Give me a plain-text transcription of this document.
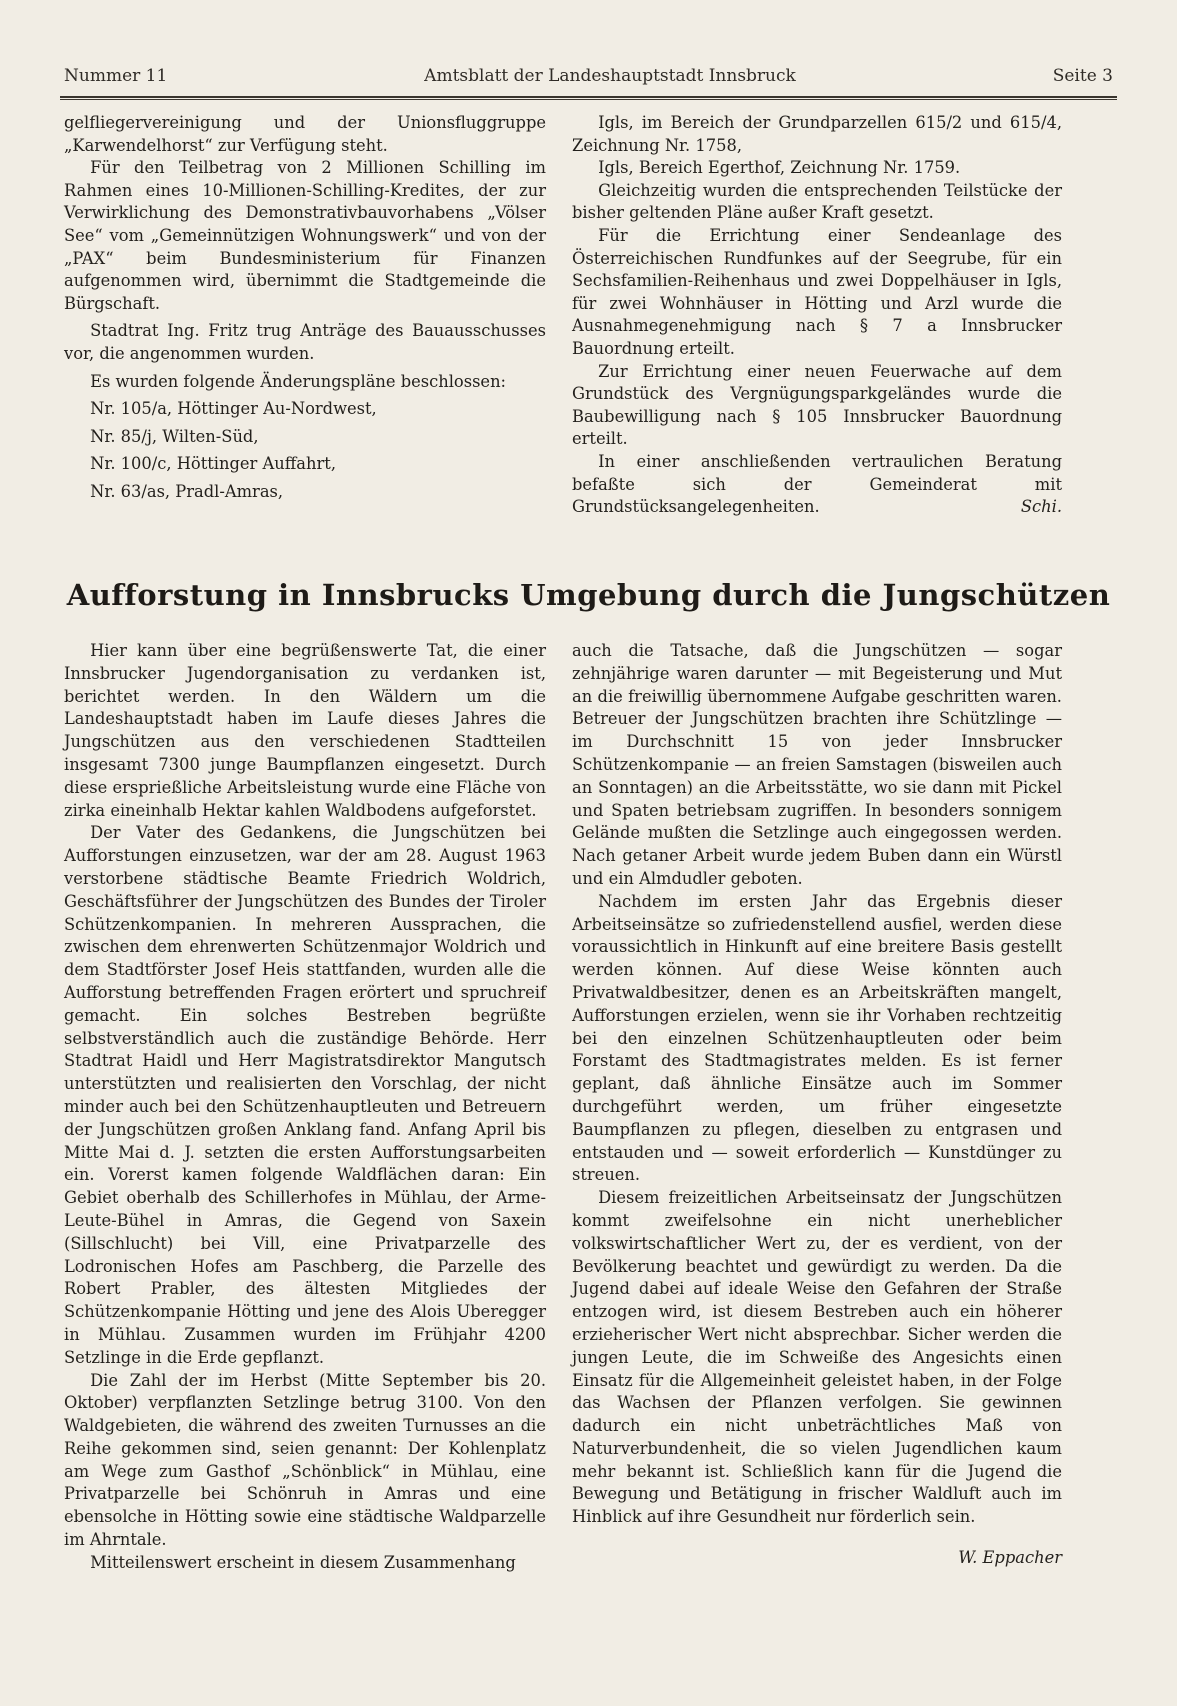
Nummer 11	Amtsblatt der Landeshauptstadt Innsbruck	Seite 3

gelfliegervereinigung und der Unionsfluggruppe „Karwendelhorst“ zur Verfügung steht.

Für den Teilbetrag von 2 Millionen Schilling im Rahmen eines 10-Millionen-Schilling-Kredites, der zur Verwirklichung des Demonstrativbauvorhabens „Völser See“ vom „Gemeinnützigen Wohnungswerk“ und von der „PAX“ beim Bundesministerium für Finanzen aufgenommen wird, übernimmt die Stadtgemeinde die Bürgschaft.

Stadtrat Ing. Fritz trug Anträge des Bauausschusses vor, die angenommen wurden.

Es wurden folgende Änderungspläne beschlossen:

Nr. 105/a, Höttinger Au-Nordwest,

Nr. 85/j, Wilten-Süd,

Nr. 100/c, Höttinger Auffahrt,

Nr. 63/as, Pradl-Amras,

Igls, im Bereich der Grundparzellen 615/2 und 615/4, Zeichnung Nr. 1758,

Igls, Bereich Egerthof, Zeichnung Nr. 1759.

Gleichzeitig wurden die entsprechenden Teilstücke der bisher geltenden Pläne außer Kraft gesetzt.

Für die Errichtung einer Sendeanlage des Österreichischen Rundfunkes auf der Seegrube, für ein Sechsfamilien-Reihenhaus und zwei Doppelhäuser in Igls, für zwei Wohnhäuser in Hötting und Arzl wurde die Ausnahmegenehmigung nach § 7 a Innsbrucker Bauordnung erteilt.

Zur Errichtung einer neuen Feuerwache auf dem Grundstück des Vergnügungsparkgeländes wurde die Baubewilligung nach § 105 Innsbrucker Bauordnung erteilt.

In einer anschließenden vertraulichen Beratung befaßte sich der Gemeinderat mit Grundstücksangelegenheiten.	Schi.

Aufforstung in Innsbrucks Umgebung durch die Jungschützen

Hier kann über eine begrüßenswerte Tat, die einer Innsbrucker Jugendorganisation zu verdanken ist, berichtet werden. In den Wäldern um die Landeshauptstadt haben im Laufe dieses Jahres die Jungschützen aus den verschiedenen Stadtteilen insgesamt 7300 junge Baumpflanzen eingesetzt. Durch diese ersprießliche Arbeitsleistung wurde eine Fläche von zirka eineinhalb Hektar kahlen Waldbodens aufgeforstet.

Der Vater des Gedankens, die Jungschützen bei Aufforstungen einzusetzen, war der am 28. August 1963 verstorbene städtische Beamte Friedrich Woldrich, Geschäftsführer der Jungschützen des Bundes der Tiroler Schützenkompanien. In mehreren Aussprachen, die zwischen dem ehrenwerten Schützenmajor Woldrich und dem Stadtförster Josef Heis stattfanden, wurden alle die Aufforstung betreffenden Fragen erörtert und spruchreif gemacht. Ein solches Bestreben begrüßte selbstverständlich auch die zuständige Behörde. Herr Stadtrat Haidl und Herr Magistratsdirektor Mangutsch unterstützten und realisierten den Vorschlag, der nicht minder auch bei den Schützenhauptleuten und Betreuern der Jungschützen großen Anklang fand. Anfang April bis Mitte Mai d. J. setzten die ersten Aufforstungsarbeiten ein. Vorerst kamen folgende Waldflächen daran: Ein Gebiet oberhalb des Schillerhofes in Mühlau, der Arme-Leute-Bühel in Amras, die Gegend von Saxein (Sillschlucht) bei Vill, eine Privatparzelle des Lodronischen Hofes am Paschberg, die Parzelle des Robert Prabler, des ältesten Mitgliedes der Schützenkompanie Hötting und jene des Alois Uberegger in Mühlau. Zusammen wurden im Frühjahr 4200 Setzlinge in die Erde gepflanzt.

Die Zahl der im Herbst (Mitte September bis 20. Oktober) verpflanzten Setzlinge betrug 3100. Von den Waldgebieten, die während des zweiten Turnusses an die Reihe gekommen sind, seien genannt: Der Kohlenplatz am Wege zum Gasthof „Schönblick“ in Mühlau, eine Privatparzelle bei Schönruh in Amras und eine ebensolche in Hötting sowie eine städtische Waldparzelle im Ahrntale.

Mitteilenswert erscheint in diesem Zusammenhang

auch die Tatsache, daß die Jungschützen — sogar zehnjährige waren darunter — mit Begeisterung und Mut an die freiwillig übernommene Aufgabe geschritten waren. Betreuer der Jungschützen brachten ihre Schützlinge — im Durchschnitt 15 von jeder Innsbrucker Schützenkompanie — an freien Samstagen (bisweilen auch an Sonntagen) an die Arbeitsstätte, wo sie dann mit Pickel und Spaten betriebsam zugriffen. In besonders sonnigem Gelände mußten die Setzlinge auch eingegossen werden. Nach getaner Arbeit wurde jedem Buben dann ein Würstl und ein Almdudler geboten.

Nachdem im ersten Jahr das Ergebnis dieser Arbeitseinsätze so zufriedenstellend ausfiel, werden diese voraussichtlich in Hinkunft auf eine breitere Basis gestellt werden können. Auf diese Weise könnten auch Privatwaldbesitzer, denen es an Arbeitskräften mangelt, Aufforstungen erzielen, wenn sie ihr Vorhaben rechtzeitig bei den einzelnen Schützenhauptleuten oder beim Forstamt des Stadtmagistrates melden. Es ist ferner geplant, daß ähnliche Einsätze auch im Sommer durchgeführt werden, um früher eingesetzte Baumpflanzen zu pflegen, dieselben zu entgrasen und entstauden und — soweit erforderlich — Kunstdünger zu streuen.

Diesem freizeitlichen Arbeitseinsatz der Jungschützen kommt zweifelsohne ein nicht unerheblicher volkswirtschaftlicher Wert zu, der es verdient, von der Bevölkerung beachtet und gewürdigt zu werden. Da die Jugend dabei auf ideale Weise den Gefahren der Straße entzogen wird, ist diesem Bestreben auch ein höherer erzieherischer Wert nicht absprechbar. Sicher werden die jungen Leute, die im Schweiße des Angesichts einen Einsatz für die Allgemeinheit geleistet haben, in der Folge das Wachsen der Pflanzen verfolgen. Sie gewinnen dadurch ein nicht unbeträchtliches Maß von Naturverbundenheit, die so vielen Jugendlichen kaum mehr bekannt ist. Schließlich kann für die Jugend die Bewegung und Betätigung in frischer Waldluft auch im Hinblick auf ihre Gesundheit nur förderlich sein.

W. Eppacher
